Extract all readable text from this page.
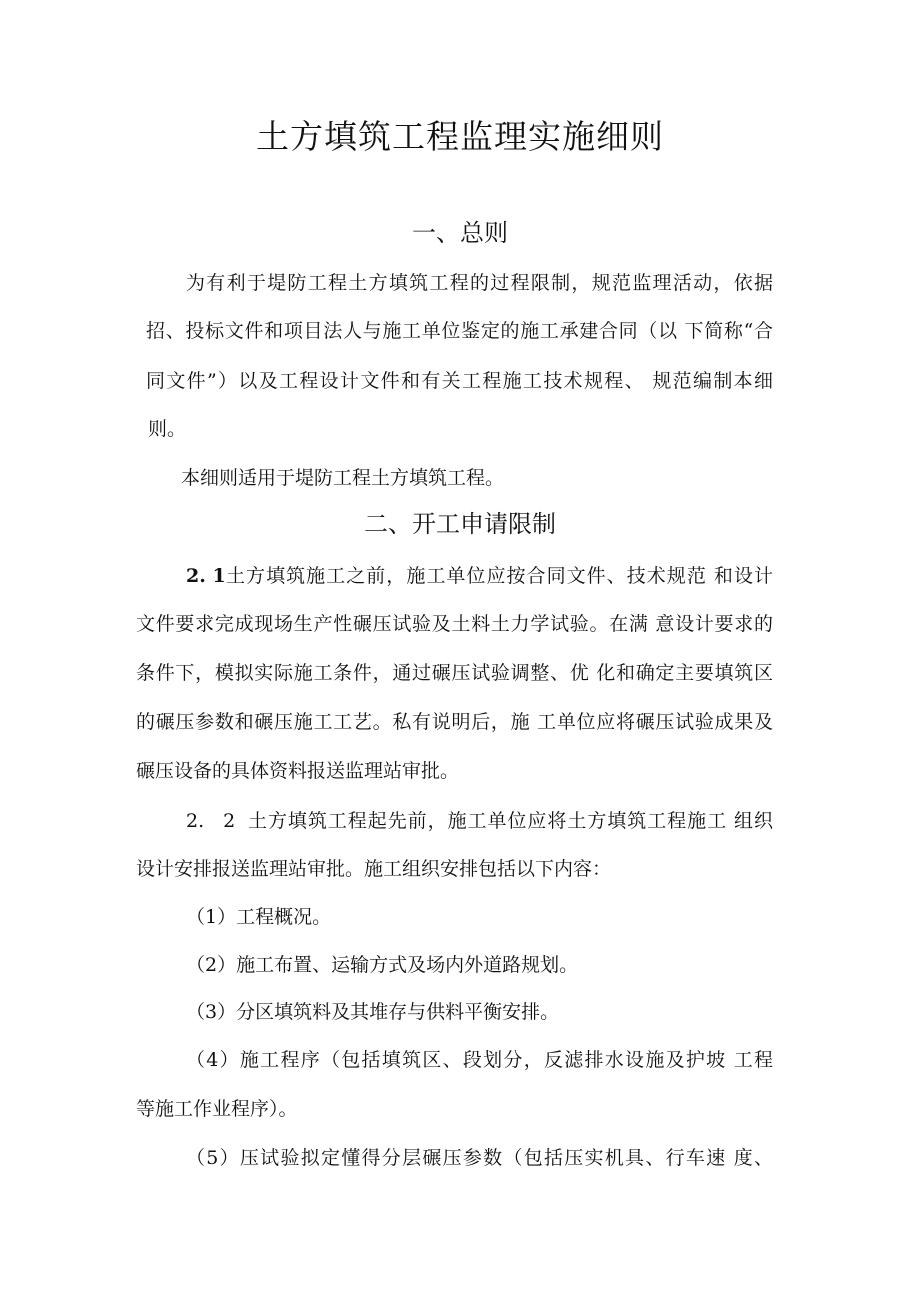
土方填筑工程监理实施细则
一、总则
为有利于堤防工程土方填筑工程的过程限制，规范监理活动，依据
招、投标文件和项目法人与施工单位鉴定的施工承建合同（以 下简称“合
同文件”）以及工程设计文件和有关工程施工技术规程、 规范编制本细
则。
本细则适用于堤防工程土方填筑工程。
二、开工申请限制
2. 1 土方填筑施工之前，施工单位应按合同文件、技术规范 和设计
文件要求完成现场生产性碾压试验及土料土力学试验。在满 意设计要求的
条件下，模拟实际施工条件，通过碾压试验调整、优 化和确定主要填筑区
的碾压参数和碾压施工工艺。私有说明后，施 工单位应将碾压试验成果及
碾压设备的具体资料报送监理站审批。
2.　2 土方填筑工程起先前，施工单位应将土方填筑工程施工 组织
设计安排报送监理站审批。施工组织安排包括以下内容：
（1）工程概况。
（2）施工布置、运输方式及场内外道路规划。
（3）分区填筑料及其堆存与供料平衡安排。
（4）施工程序（包括填筑区、段划分，反滤排水设施及护坡 工程
等施工作业程序）。
（5）压试验拟定懂得分层碾压参数（包括压实机具、行车速 度、
